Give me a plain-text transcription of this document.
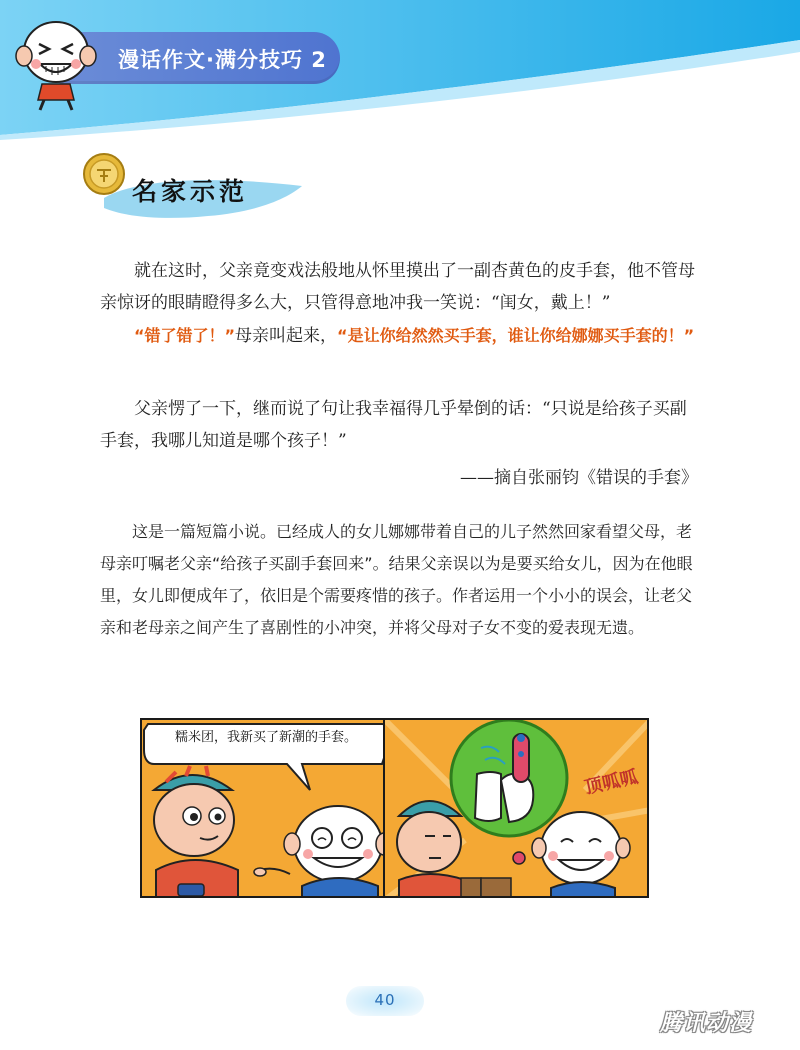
漫话作文·满分技巧 2
名家示范

就在这时，父亲竟变戏法般地从怀里摸出了一副杏黄色的皮手套，他不管母亲惊讶的眼睛瞪得多么大，只管得意地冲我一笑说：“闺女，戴上！”

“错了错了！”母亲叫起来，“是让你给然然买手套，谁让你给娜娜买手套的！”

父亲愣了一下，继而说了句让我幸福得几乎晕倒的话：“只说是给孩子买副手套，我哪儿知道是哪个孩子！”

——摘自张丽钧《错误的手套》

这是一篇短篇小说。已经成人的女儿娜娜带着自己的儿子然然回家看望父母，老母亲叮嘱老父亲“给孩子买副手套回来”。结果父亲误以为是要买给女儿，因为在他眼里，女儿即便成年了，依旧是个需要疼惜的孩子。作者运用一个小小的误会，让老父亲和老母亲之间产生了喜剧性的小冲突，并将父母对子女不变的爱表现无遗。

糯米团，我新买了新潮的手套。
顶呱呱
40
腾讯动漫
